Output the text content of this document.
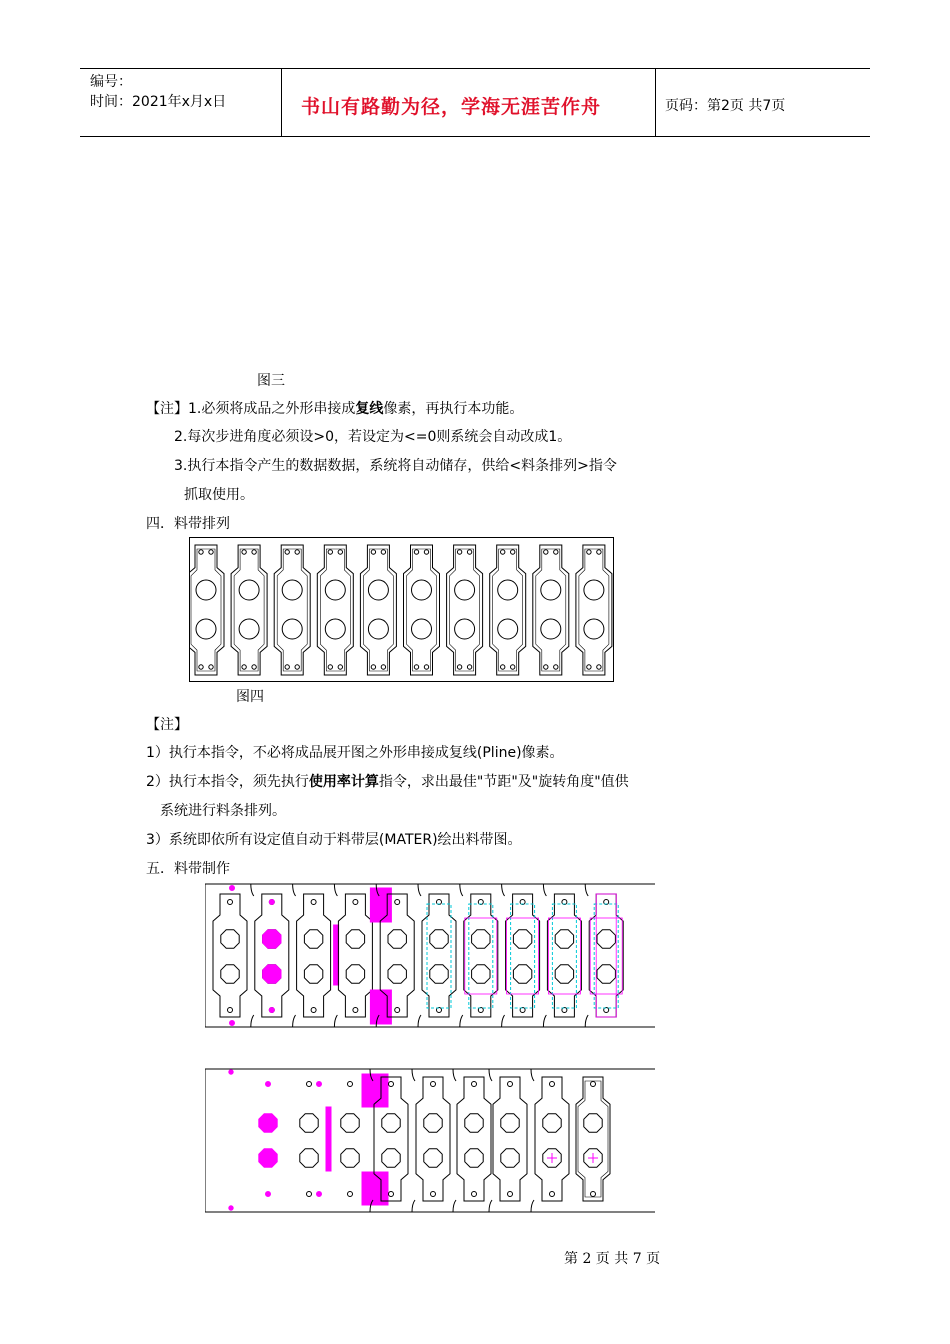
编号：
时间：2021年x月x日	书山有路勤为径，学海无涯苦作舟	页码：第2页 共7页
图三
【注】1.必须将成品之外形串接成复线像素，再执行本功能。
2.每次步进角度必须设>0，若设定为<=0则系统会自动改成1。
3.执行本指令产生的数据数据，系统将自动储存，供给<料条排列>指令
抓取使用。
四．料带排列
图四
【注】
1）执行本指令，不必将成品展开图之外形串接成复线(Pline)像素。
2）执行本指令，须先执行使用率计算指令，求出最佳"节距"及"旋转角度"值供
系统进行料条排列。
3）系统即依所有设定值自动于料带层(MATER)绘出料带图。
五．料带制作
第 2 页 共 7 页
